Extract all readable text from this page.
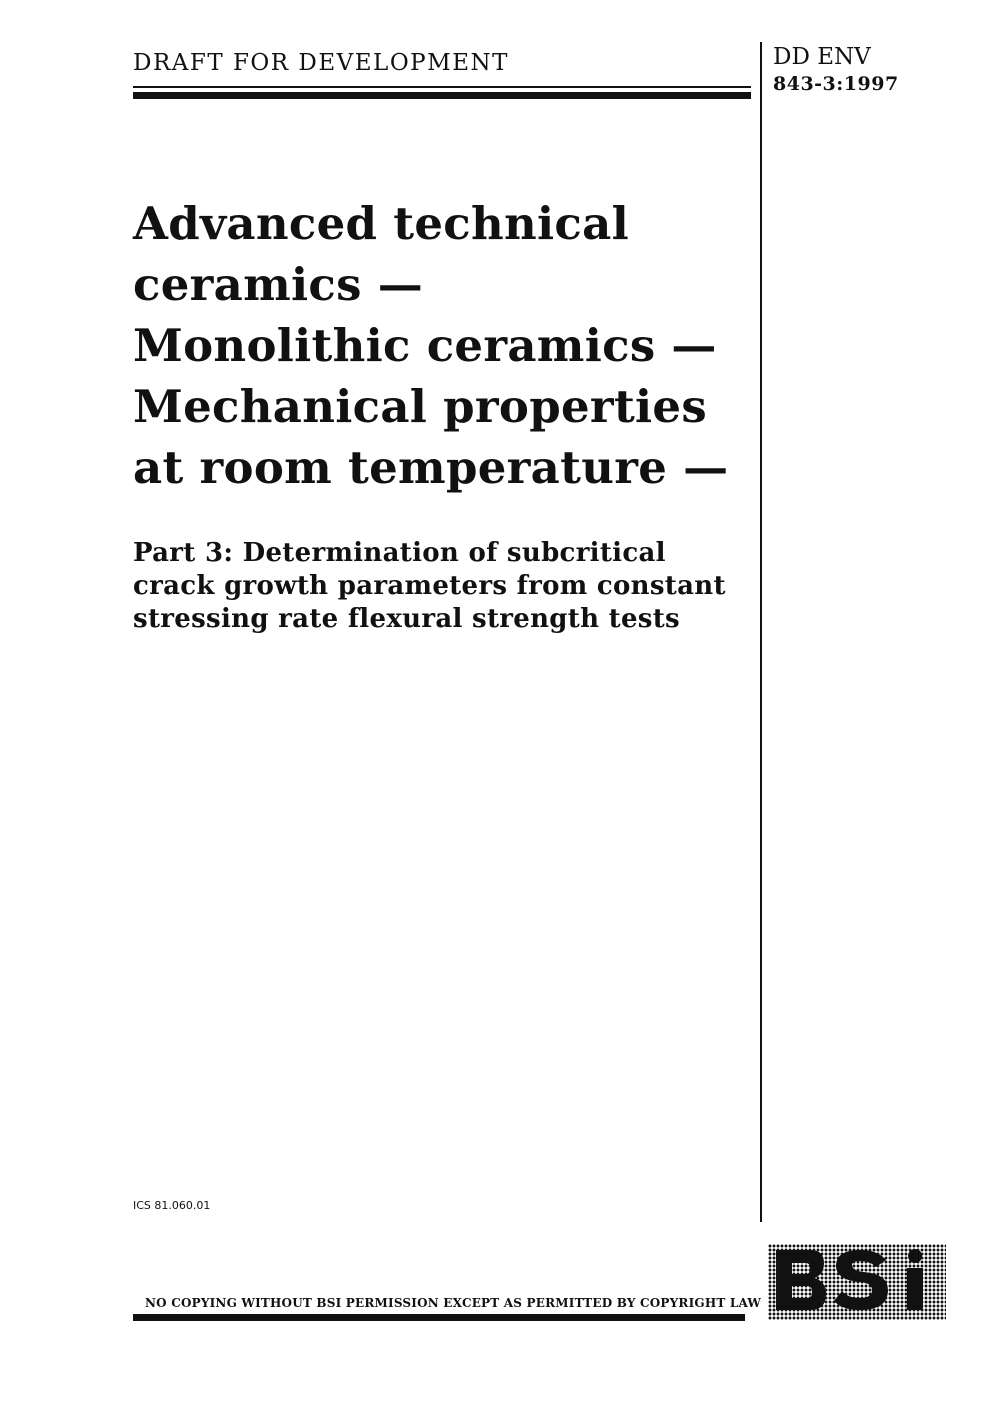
DRAFT FOR DEVELOPMENT	DD ENV
843-3:1997
Advanced technical
ceramics —
Monolithic ceramics —
Mechanical properties
at room temperature —
Part 3: Determination of subcritical
crack growth parameters from constant
stressing rate flexural strength tests
ICS 81.060.01
NO COPYING WITHOUT BSI PERMISSION EXCEPT AS PERMITTED BY COPYRIGHT LAW
